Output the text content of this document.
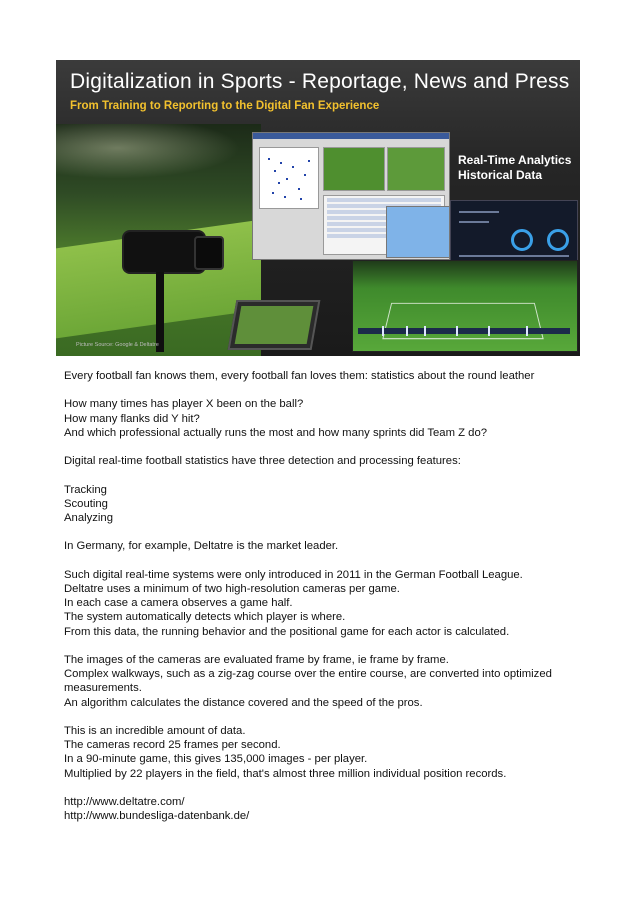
Digitalization in Sports - Reportage, News and Press
From Training to Reporting to the Digital Fan Experience
Real-Time Analytics
Historical Data
Picture Source: Google & Deltatre

Every football fan knows them, every football fan loves them: statistics about the round leather

How many times has player X been on the ball?
How many flanks did Y hit?
And which professional actually runs the most and how many sprints did Team Z do?

Digital real-time football statistics have three detection and processing features:

Tracking
Scouting
Analyzing

In Germany, for example, Deltatre is the market leader.

Such digital real-time systems were only introduced in 2011 in the German Football League.
Deltatre uses a minimum of two high-resolution cameras per game.
In each case a camera observes a game half.
The system automatically detects which player is where.
From this data, the running behavior and the positional game for each actor is calculated.

The images of the cameras are evaluated frame by frame, ie frame by frame.
Complex walkways, such as a zig-zag course over the entire course, are converted into optimized measurements.
An algorithm calculates the distance covered and the speed of the pros.

This is an incredible amount of data.
The cameras record 25 frames per second.
In a 90-minute game, this gives 135,000 images - per player.
Multiplied by 22 players in the field, that's almost three million individual position records.

http://www.deltatre.com/
http://www.bundesliga-datenbank.de/
